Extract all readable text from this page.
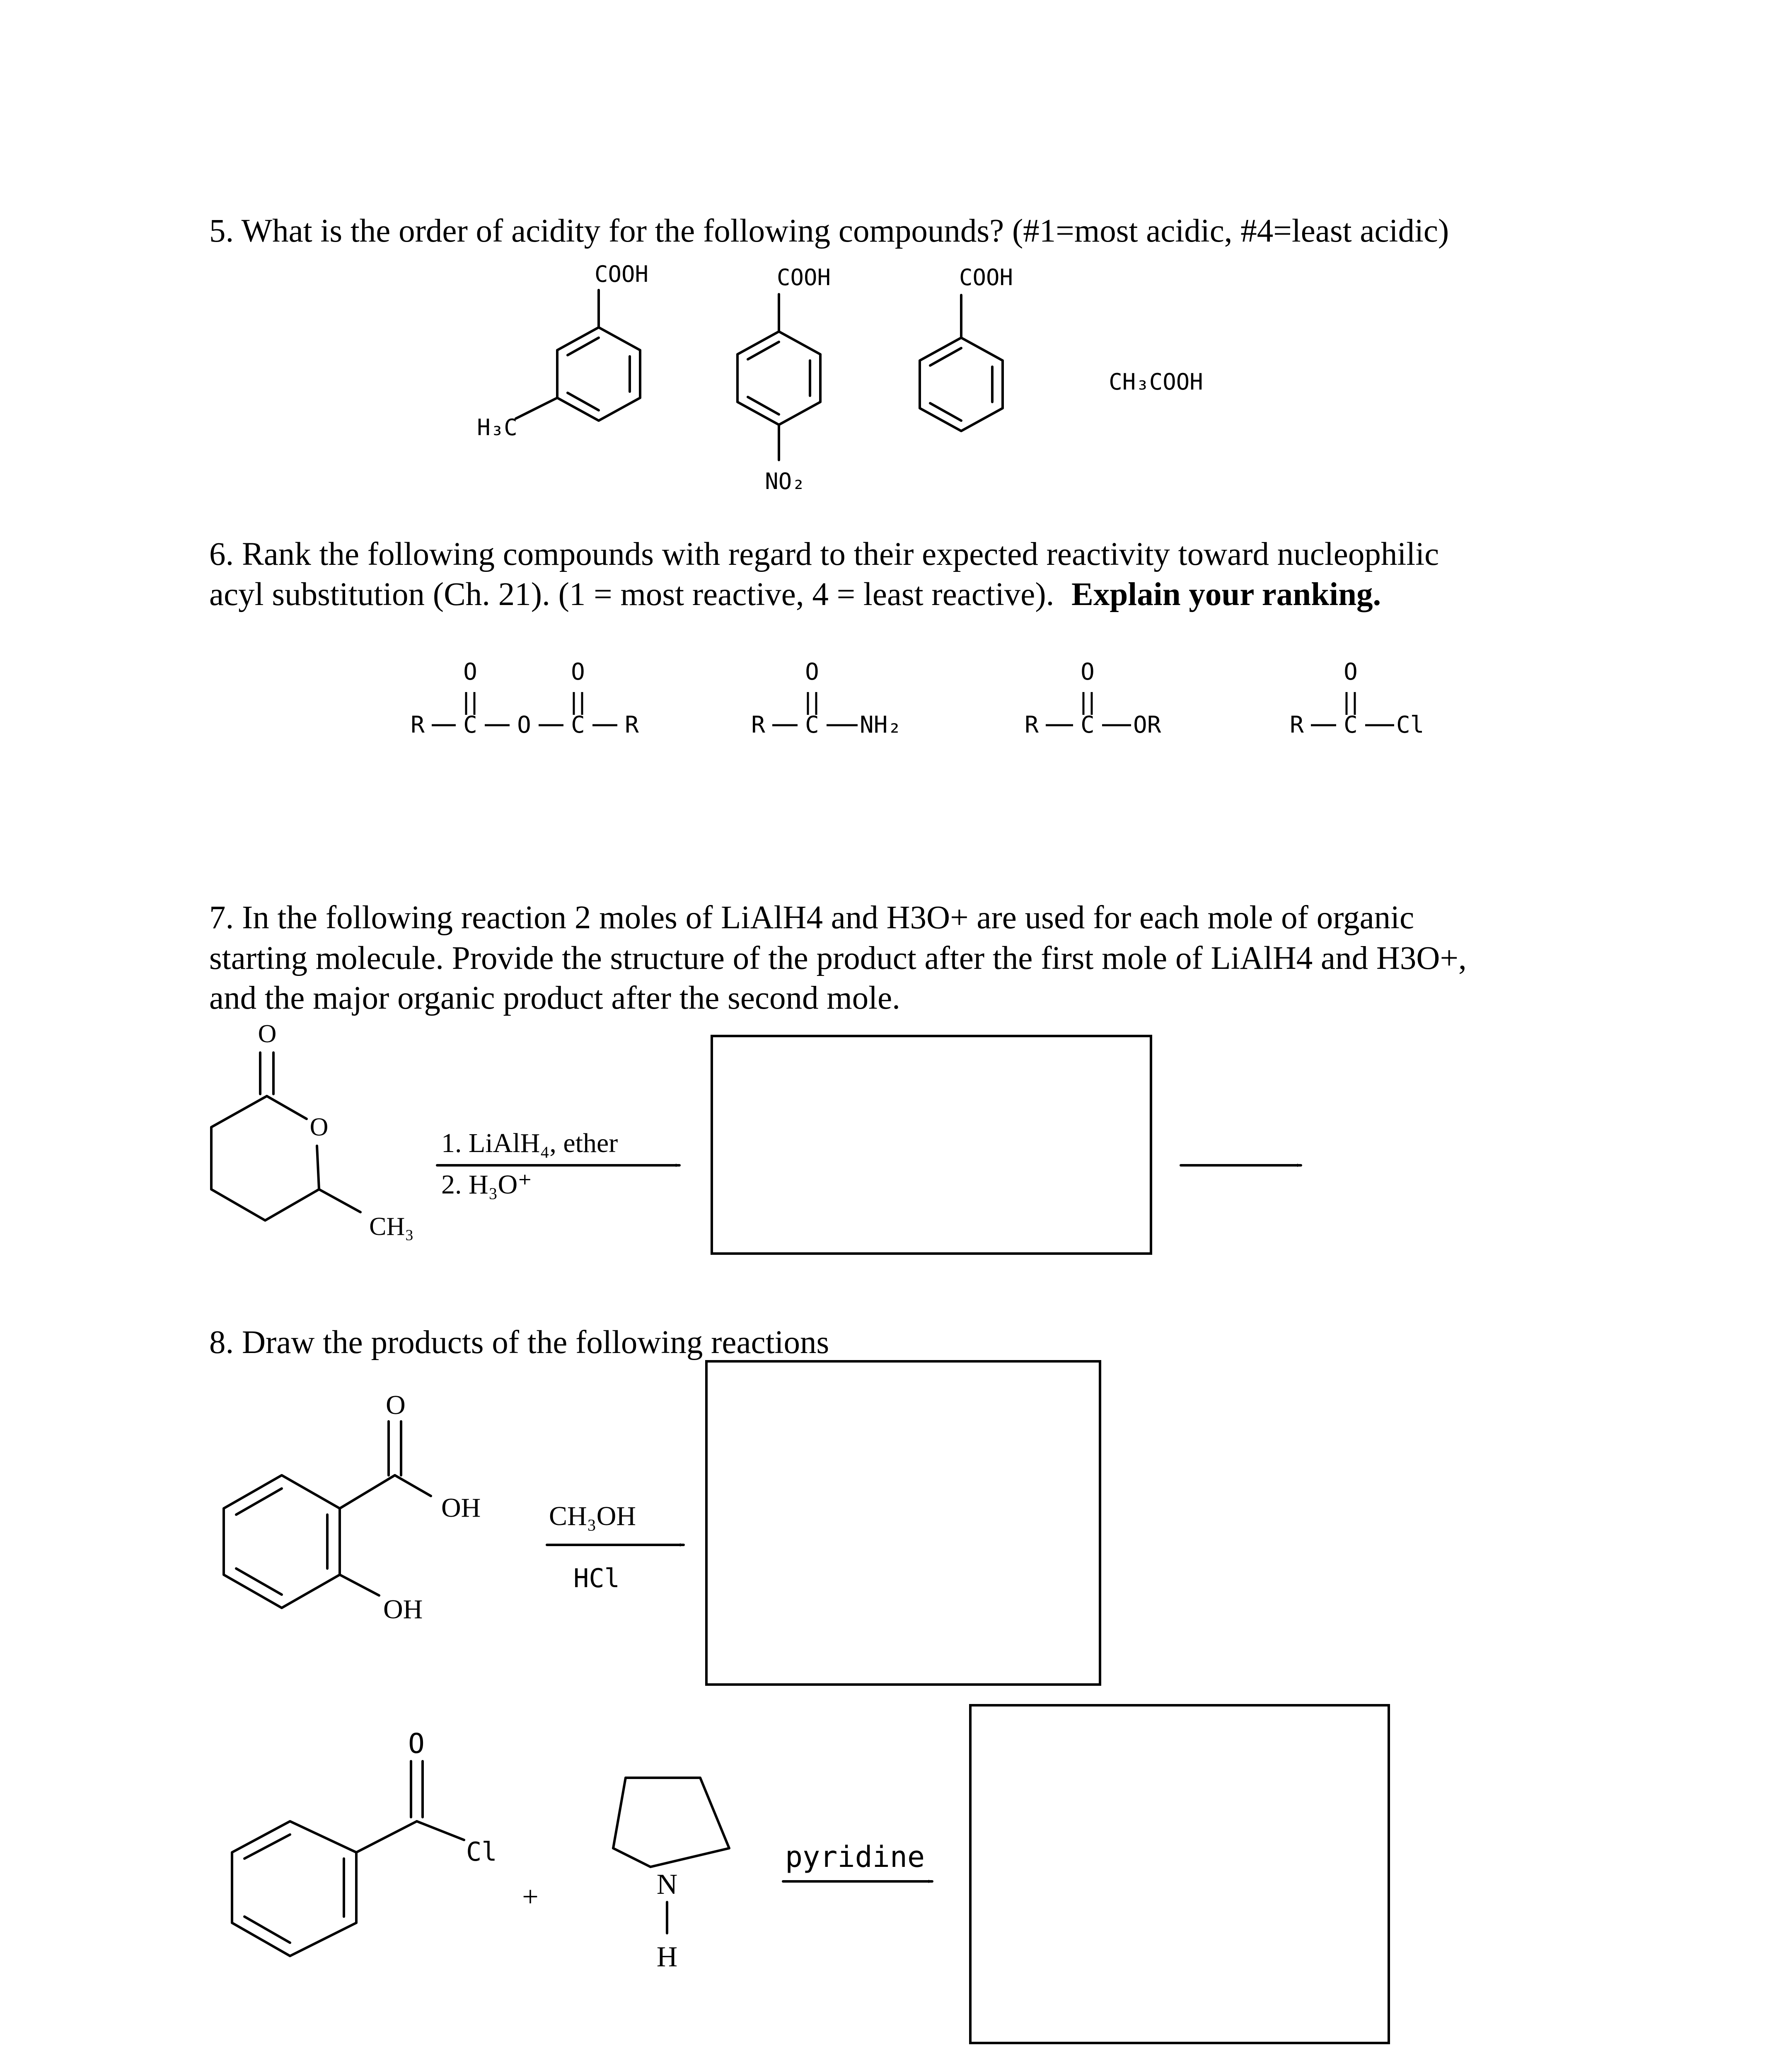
5. What is the order of acidity for the following compounds? (#1=most acidic, #4=least acidic)
COOH
H₃C
COOH
NO₂
COOH
CH₃COOH
6. Rank the following compounds with regard to their expected reactivity toward nucleophilic
acyl substitution (Ch. 21). (1 = most reactive, 4 = least reactive). Explain your ranking.
R C
O
O C
O
R	R C
O
NH₂	R C
O
OR	R C
O
Cl
7. In the following reaction 2 moles of LiAlH4 and H3O+ are used for each mole of organic
starting molecule. Provide the structure of the product after the first mole of LiAlH4 and H3O+,
and the major organic product after the second mole.
O
O
CH₃
1. LiAlH₄, ether
2. H₃O⁺
8. Draw the products of the following reactions
O
OH
OH
CH₃OH
HCl
O
Cl
+	N
H
pyridine
